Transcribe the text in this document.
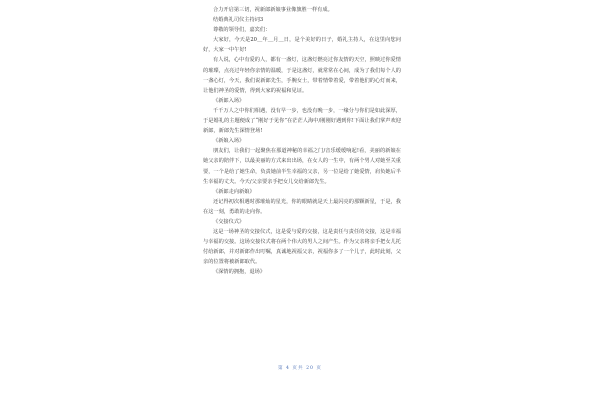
合力开启第三切，祝新郎新娘事业像旗胜一样有成。

结婚典礼司仪主持词3

尊敬的领导们，嘉宾们：

大家好，今天是20＿年＿月＿日，是个美好的日子，婚礼主持人，在这里向您问好，大家一中午好!

有人说，心中有爱的人，都有一盏灯，这盏灯燃亮过你友情的天空，照映过你爱情的璀璨，点亮过年轻你亲情的温暖，于是这盏灯，就常常在心间，成为了我们每个人的一盏心灯，今天，我们说新郎先生，手腕女士，带着情带着爱，带着他们的心灯而来，让他们神圣的爱情，得到大家的祝福和见证。

《新郎入场》

千千万人之中你们相遇，没有早一步，也没有晚一步，一缘分与你们是如此深厚，于是婚礼的主题便成了“刚好于见你”在茫茫人海中/刚刚好遇到你!下面让我们掌声欢迎新郎，新郎先生深情登场!

《新娘入场》

朋友们，让我们一起聚焦在那道神秘的幸福之门/音乐缓缓响起!看，美丽的新娘在她父亲的陪伴下，以最美丽的方式来出出场，在女人的一生中，有两个男人对她至关重要，一个是给了她生命，负责她前半生幸福的父亲，另一位是给了她爱情，肩负她后半生幸福的丈夫。今天/父亲要亲手把女儿交给新郎先生。

《新郎走向新娘》

还记得初次相遇时那璀灿的星光，你的眼睛就是天上最闪亮的那颗新星，于是，我在这一刻，勇敢的走向你。

《交接仪式》

这是一场神圣的交接仪式，这是爱与爱的交接，这是责任与责任的交接，这是幸福与幸福的交接。这场交接仪式将在两个伟大的男人之间产生。作为父亲将亲手把女儿托付给新郎，并对新郎作出叮嘱，真诚地祝福父亲，祝福你多了一个儿子，此时此刻，父亲的位置将被新郎取代。

《深情的拥抱，退场》

第 4 页共 20 页
